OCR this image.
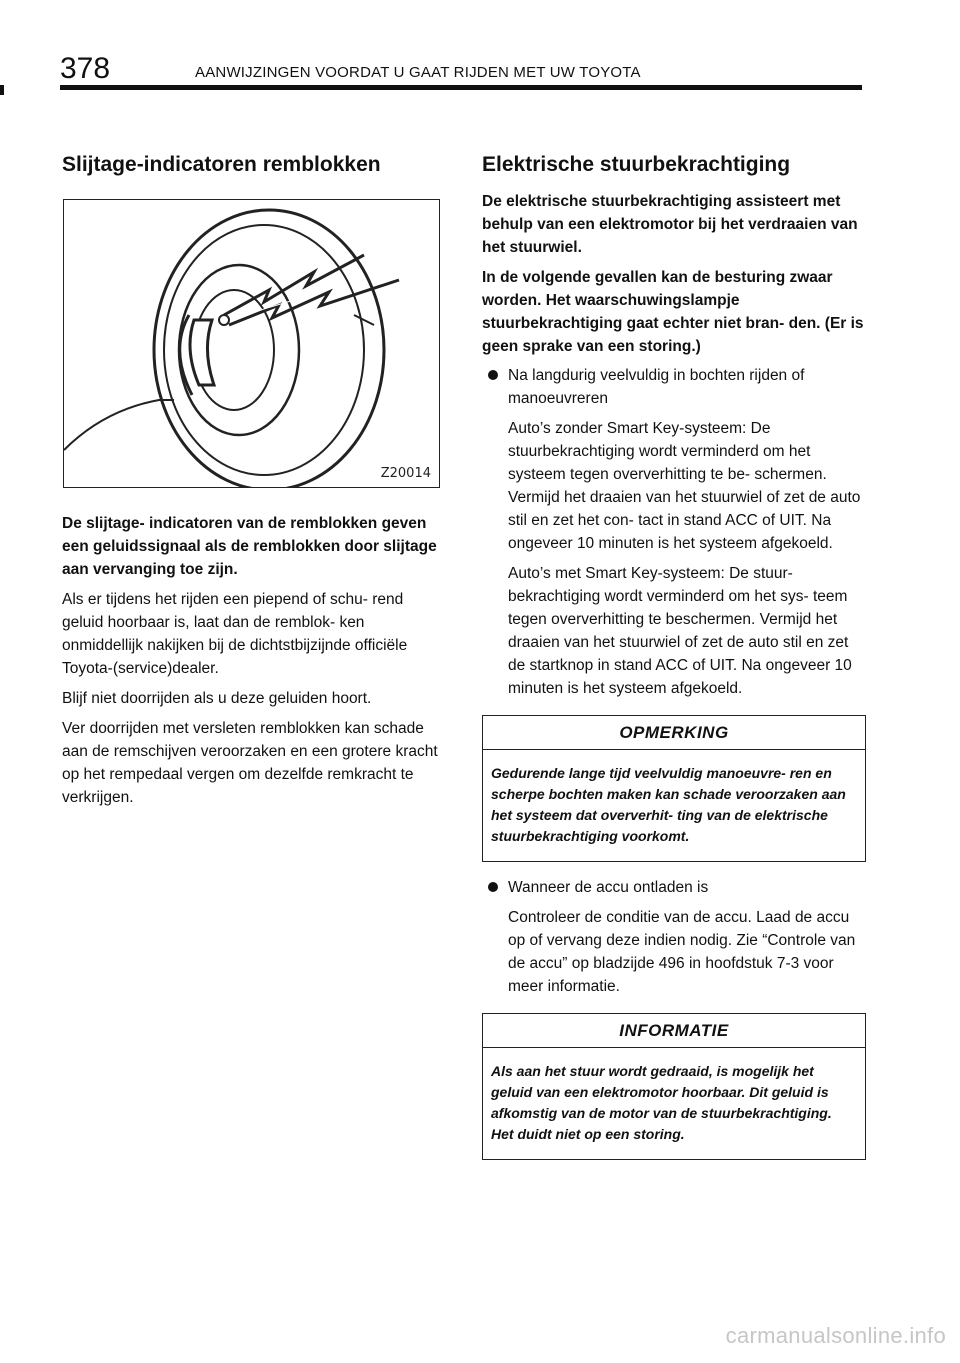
378	AANWIJZINGEN VOORDAT U GAAT RIJDEN MET UW TOYOTA
Slijtage‑indicatoren remblokken
Z20014

De slijtage‑ indicatoren van de remblokken geven een geluidssignaal als de remblokken door slijtage aan vervanging toe zijn.

Als er tijdens het rijden een piepend of schu‑ rend geluid hoorbaar is, laat dan de remblok‑ ken onmiddellijk nakijken bij de dichtstbijzijnde officiële Toyota‑(service)dealer.

Blijf niet doorrijden als u deze geluiden hoort.

Ver doorrijden met versleten remblokken kan schade aan de remschijven veroorzaken en een grotere kracht op het rempedaal vergen om dezelfde remkracht te verkrijgen.

Elektrische stuurbekrachtiging

De elektrische stuurbekrachtiging assisteert met behulp van een elektromotor bij het verdraaien van het stuurwiel.

In de volgende gevallen kan de besturing zwaar worden. Het waarschuwingslampje stuurbekrachtiging gaat echter niet bran‑ den. (Er is geen sprake van een storing.)

Na langdurig veelvuldig in bochten rijden of manoeuvreren

Auto’s zonder Smart Key‑systeem: De stuurbekrachtiging wordt verminderd om het systeem tegen oververhitting te be‑ schermen. Vermijd het draaien van het stuurwiel of zet de auto stil en zet het con‑ tact in stand ACC of UIT. Na ongeveer 10 minuten is het systeem afgekoeld.

Auto’s met Smart Key‑systeem: De stuur‑ bekrachtiging wordt verminderd om het sys‑ teem tegen oververhitting te beschermen. Vermijd het draaien van het stuurwiel of zet de auto stil en zet de startknop in stand ACC of UIT. Na ongeveer 10 minuten is het systeem afgekoeld.

OPMERKING
Gedurende lange tijd veelvuldig manoeuvre‑ ren en scherpe bochten maken kan schade veroorzaken aan het systeem dat oververhit‑ ting van de elektrische stuurbekrachtiging voorkomt.
Wanneer de accu ontladen is

Controleer de conditie van de accu. Laad de accu op of vervang deze indien nodig. Zie “Controle van de accu” op bladzijde 496 in hoofdstuk 7‑3 voor meer informatie.

INFORMATIE
Als aan het stuur wordt gedraaid, is mogelijk het geluid van een elektromotor hoorbaar. Dit geluid is afkomstig van de motor van de stuurbekrachtiging. Het duidt niet op een storing.
carmanualsonline.info
